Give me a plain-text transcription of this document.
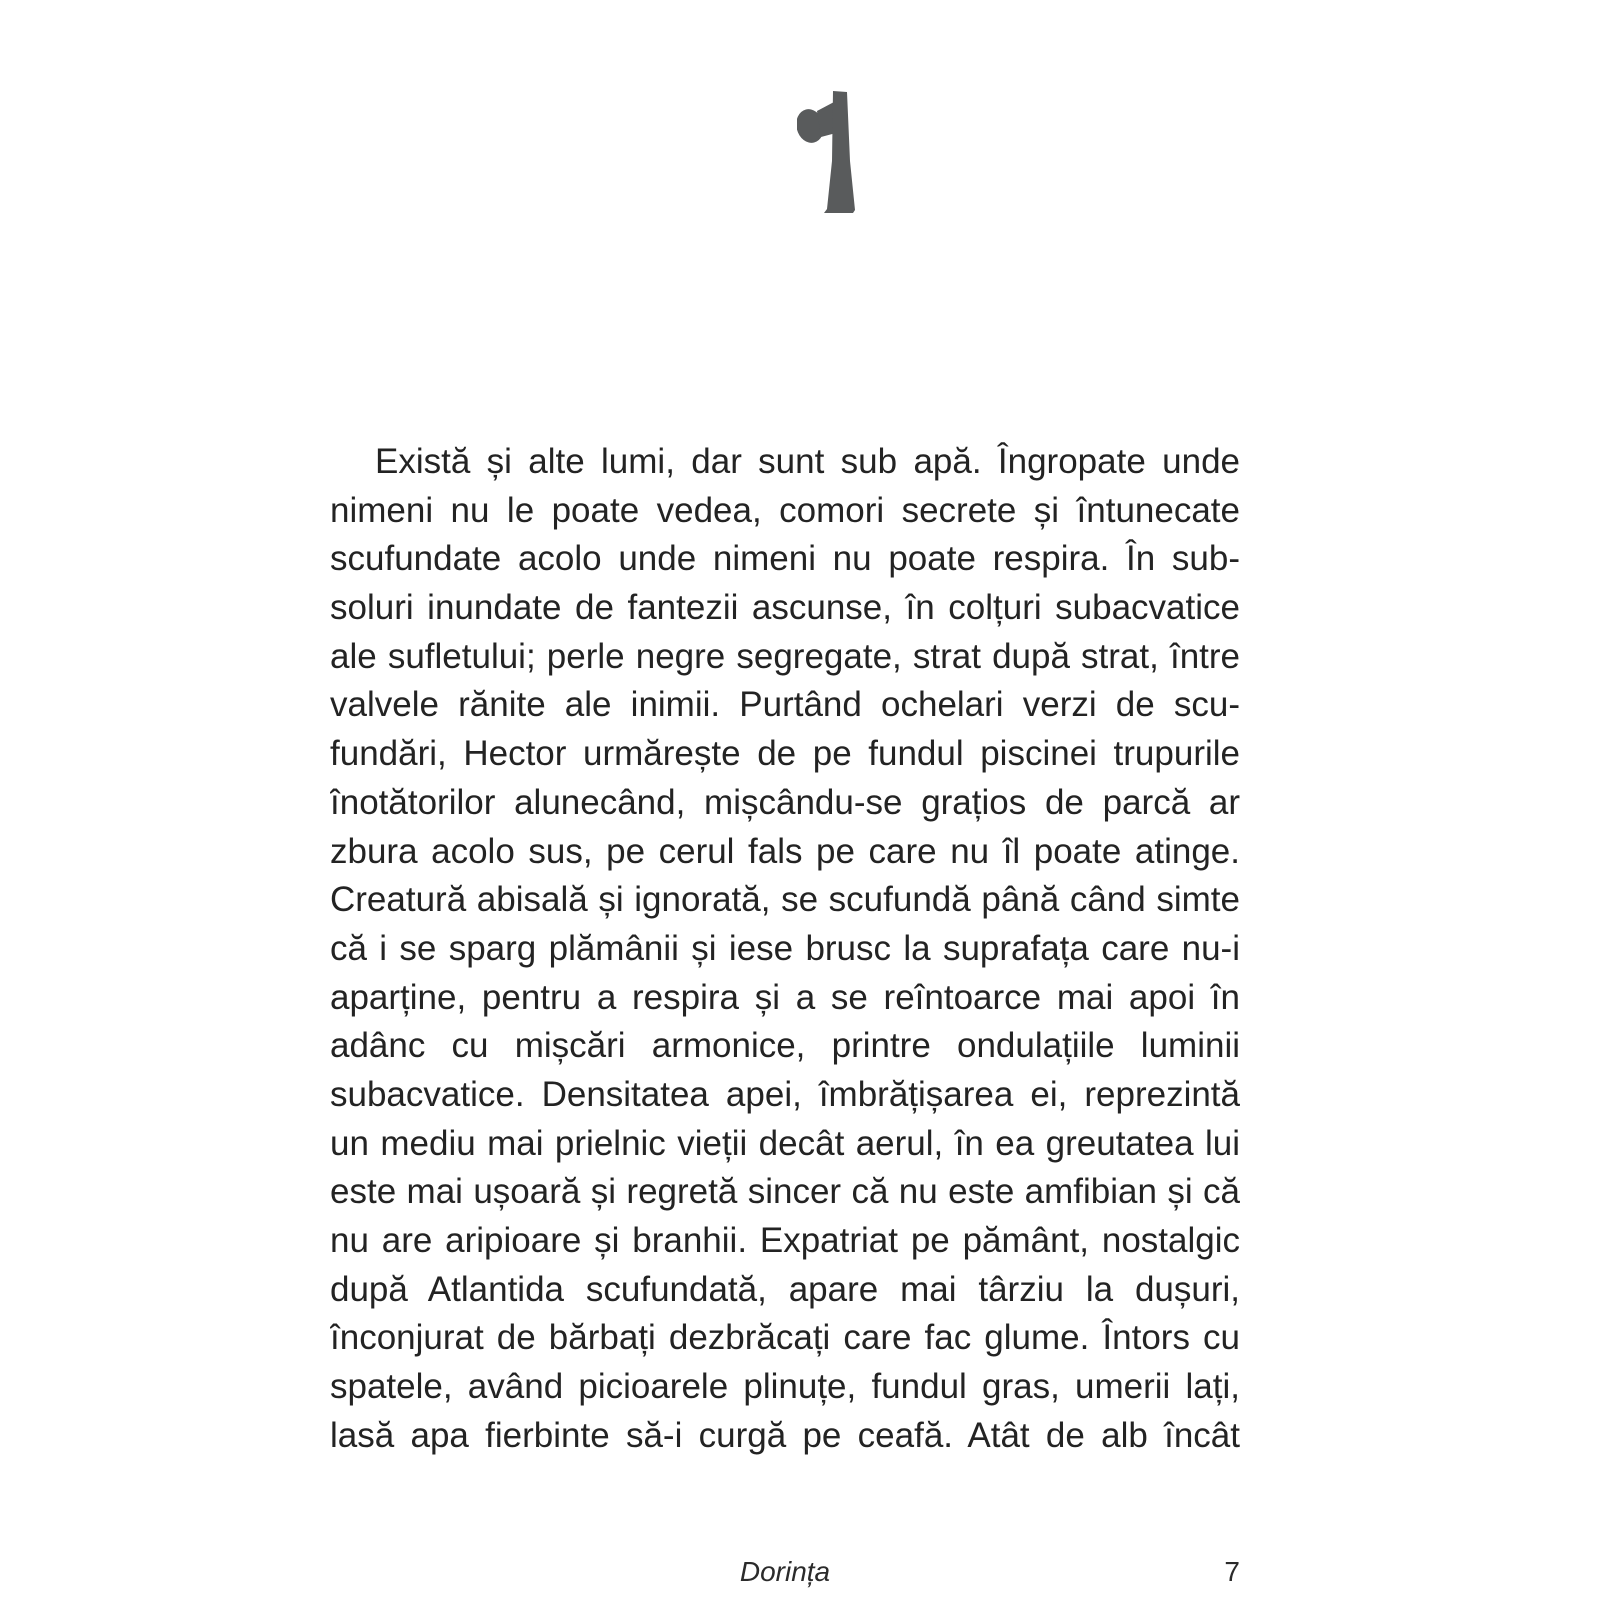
Există și alte lumi, dar sunt sub apă. Îngropate unde

nimeni nu le poate vedea, comori secrete și întunecate

scufundate acolo unde nimeni nu poate respira. În sub-

soluri inundate de fantezii ascunse, în colțuri subacvatice

ale sufletului; perle negre segregate, strat după strat, între

valvele rănite ale inimii. Purtând ochelari verzi de scu-

fundări, Hector urmărește de pe fundul piscinei trupurile

înotătorilor alunecând, mișcându-se grațios de parcă ar

zbura acolo sus, pe cerul fals pe care nu îl poate atinge.

Creatură abisală și ignorată, se scufundă până când simte

că i se sparg plămânii și iese brusc la suprafața care nu-i

aparține, pentru a respira și a se reîntoarce mai apoi în

adânc cu mișcări armonice, printre ondulațiile luminii

subacvatice. Densitatea apei, îmbrățișarea ei, reprezintă

un mediu mai prielnic vieții decât aerul, în ea greutatea lui

este mai ușoară și regretă sincer că nu este amfibian și că

nu are aripioare și branhii. Expatriat pe pământ, nostalgic

după Atlantida scufundată, apare mai târziu la dușuri,

înconjurat de bărbați dezbrăcați care fac glume. Întors cu

spatele, având picioarele plinuțe, fundul gras, umerii lați,

lasă apa fierbinte să-i curgă pe ceafă. Atât de alb încât

Dorința	7
